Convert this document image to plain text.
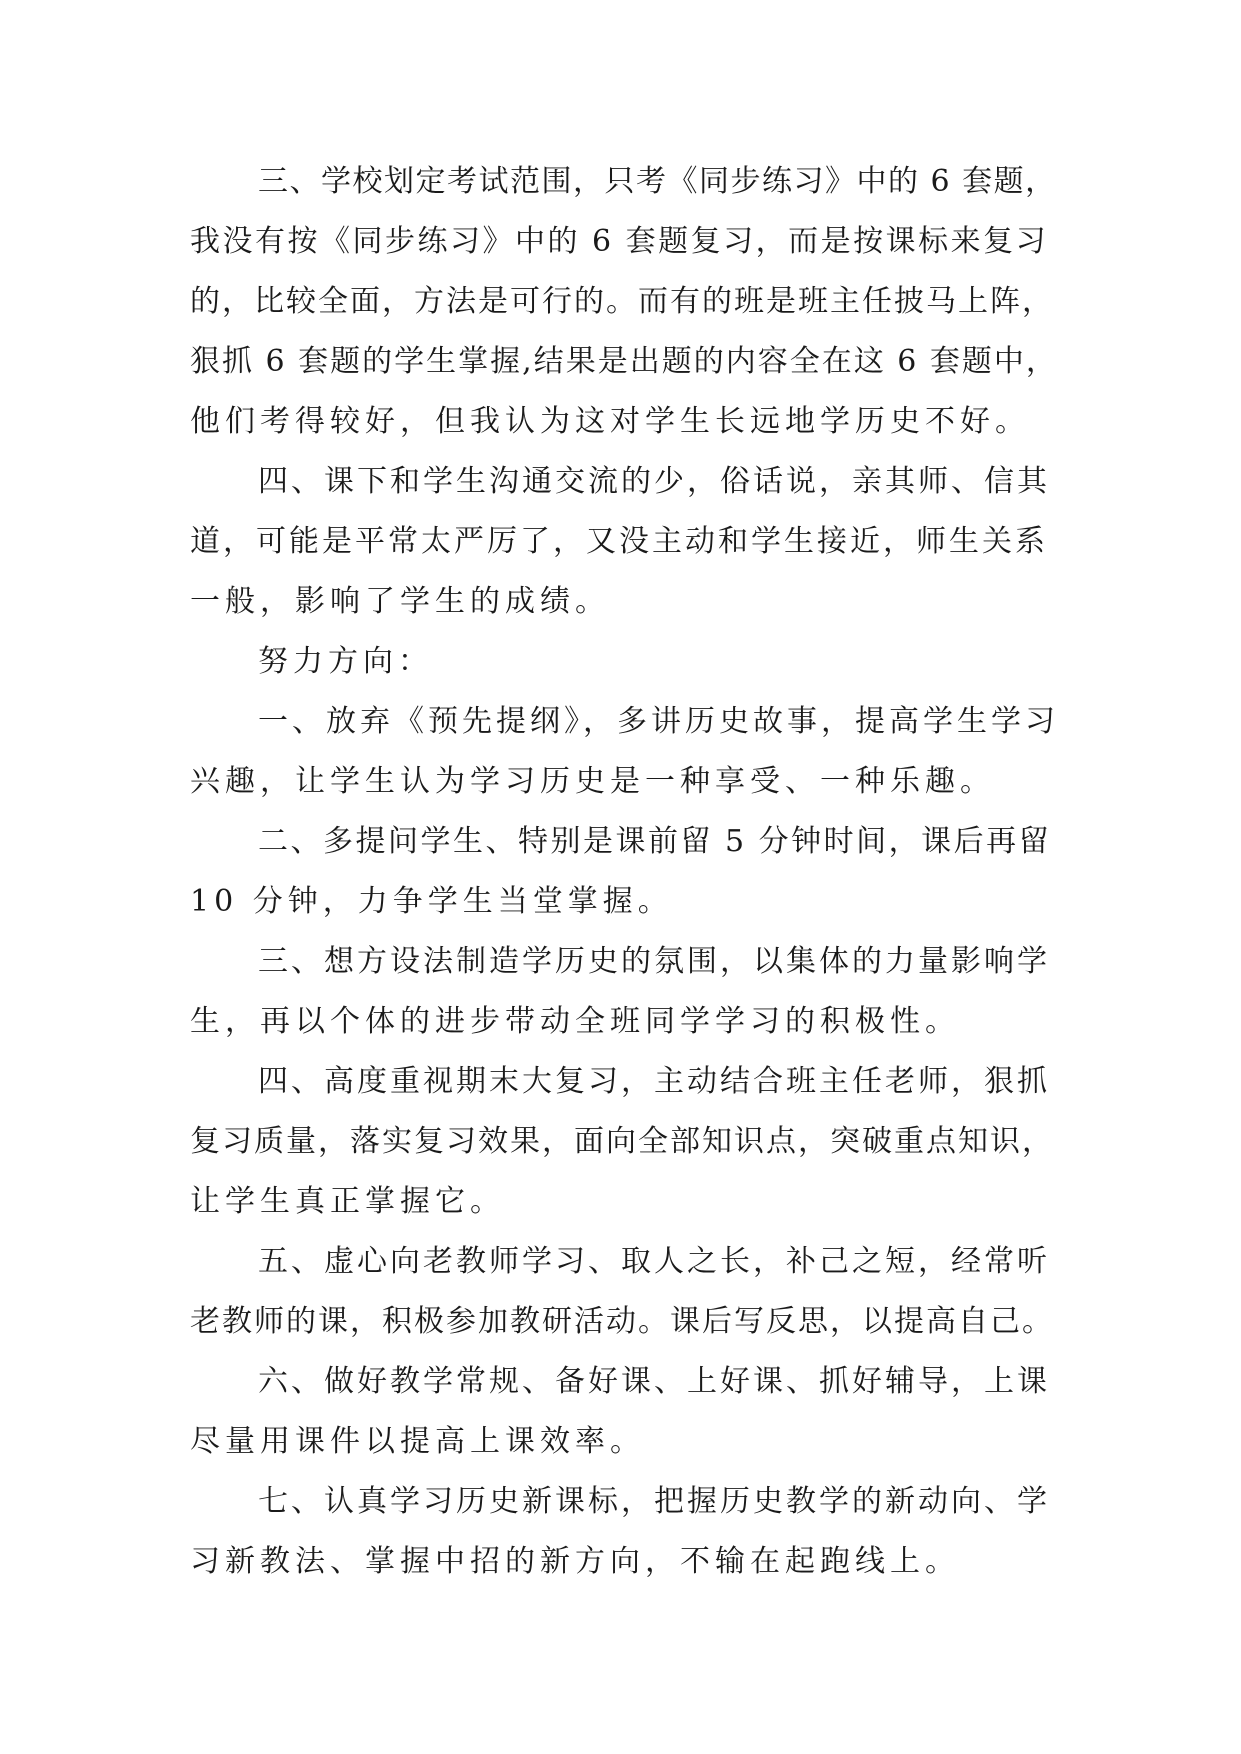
三、学校划定考试范围，只考《同步练习》中的 6 套题，

我没有按《同步练习》中的 6 套题复习，而是按课标来复习

的，比较全面，方法是可行的。而有的班是班主任披马上阵，

狠抓 6 套题的学生掌握,结果是出题的内容全在这 6 套题中，

他们考得较好，但我认为这对学生长远地学历史不好。

四、课下和学生沟通交流的少，俗话说，亲其师、信其

道，可能是平常太严厉了，又没主动和学生接近，师生关系

一般，影响了学生的成绩。

努力方向：

一、放弃《预先提纲》，多讲历史故事，提高学生学习

兴趣，让学生认为学习历史是一种享受、一种乐趣。

二、多提问学生、特别是课前留 5 分钟时间，课后再留

10 分钟，力争学生当堂掌握。

三、想方设法制造学历史的氛围，以集体的力量影响学

生，再以个体的进步带动全班同学学习的积极性。

四、高度重视期末大复习，主动结合班主任老师，狠抓

复习质量，落实复习效果，面向全部知识点，突破重点知识，

让学生真正掌握它。

五、虚心向老教师学习、取人之长，补己之短，经常听

老教师的课，积极参加教研活动。课后写反思，以提高自己。

六、做好教学常规、备好课、上好课、抓好辅导，上课

尽量用课件以提高上课效率。

七、认真学习历史新课标，把握历史教学的新动向、学

习新教法、掌握中招的新方向，不输在起跑线上。
